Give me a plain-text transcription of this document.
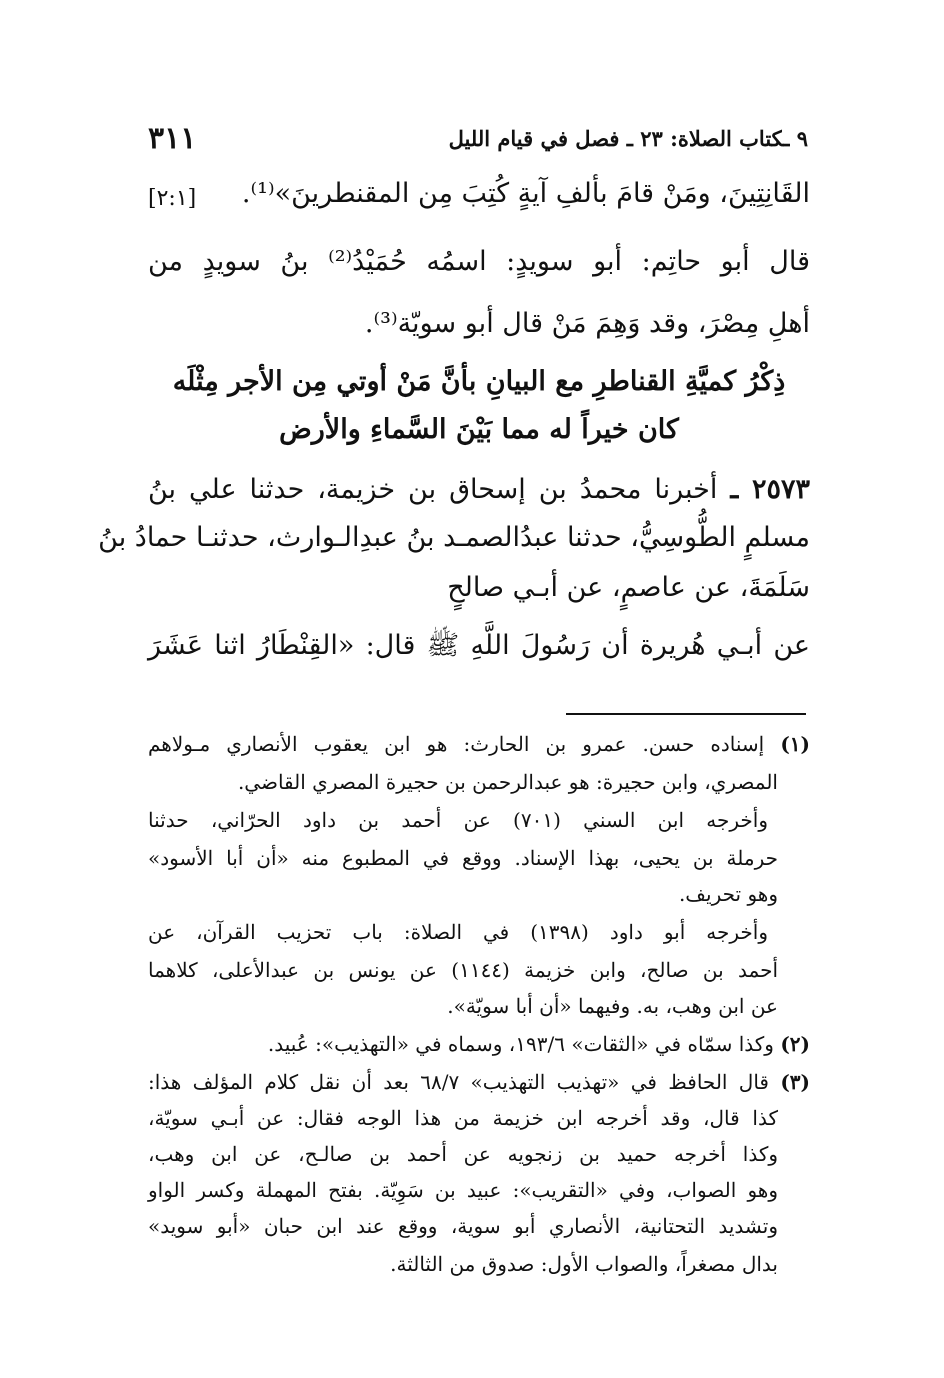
٩ ـكتاب الصلاة: ٢٣ ـ فصل في قيام الليل
٣١١
القَانِتِينَ، ومَنْ قامَ بألفِ آيةٍ كُتِبَ مِن المقنطرينَ»⁽¹⁾.
[٢:١]
قال أبو حاتِم: أبو سويدٍ: اسمُه حُمَيْدُ⁽²⁾ بنُ سويدٍ من
أهلِ مِصْرَ، وقد وَهِمَ مَنْ قال أبو سويّة⁽³⁾.
ذِكْرُ كميَّةِ القناطرِ مع البيانِ بأنَّ مَنْ أوتي مِن الأجر مِثْلَه
كان خيراً له مما بَيْنَ السَّماءِ والأرض
٢٥٧٣ ـ أخبرنا محمدُ بن إسحاق بن خزيمة، حدثنا علي بنُ
مسلمٍ الطُّوسِيُّ، حدثنا عبدُالصمـد بنُ عبدِالـوارث، حدثنـا حمادُ بنُ
سَلَمَةَ، عن عاصمٍ، عن أبـي صالحٍ
عن أبـي هُريرة أن رَسُولَ اللَّهِ ﷺ قال: «القِنْطَارُ اثنا عَشَرَ
(١) إسناده حسن. عمرو بن الحارث: هو ابن يعقوب الأنصاري مـولاهم
المصري، وابن حجيرة: هو عبدالرحمن بن حجيرة المصري القاضي.
وأخرجه ابن السني (٧٠١) عن أحمد بن داود الحرّاني، حدثنا
حرملة بن يحيى، بهذا الإسناد. ووقع في المطبوع منه «أن أبا الأسود»
وهو تحريف.
وأخرجه أبو داود (١٣٩٨) في الصلاة: باب تحزيب القرآن، عن
أحمد بن صالح، وابن خزيمة (١١٤٤) عن يونس بن عبدالأعلى، كلاهما
عن ابن وهب، به. وفيهما «أن أبا سويّة».
(٢) وكذا سمّاه في «الثقات» ١٩٣/٦، وسماه في «التهذيب»: عُبيد.
(٣) قال الحافظ في «تهذيب التهذيب» ٦٨/٧ بعد أن نقل كلام المؤلف هذا:
كذا قال، وقد أخرجه ابن خزيمة من هذا الوجه فقال: عن أبـي سويّة،
وكذا أخرجه حميد بن زنجويه عن أحمد بن صالـح، عن ابن وهب،
وهو الصواب، وفي «التقريب»: عبيد بن سَوِيّة. بفتح المهملة وكسر الواو
وتشديد التحتانية، الأنصاري أبو سوية، ووقع عند ابن حبان «أبو سويد»
بدال مصغراً، والصواب الأول: صدوق من الثالثة.
